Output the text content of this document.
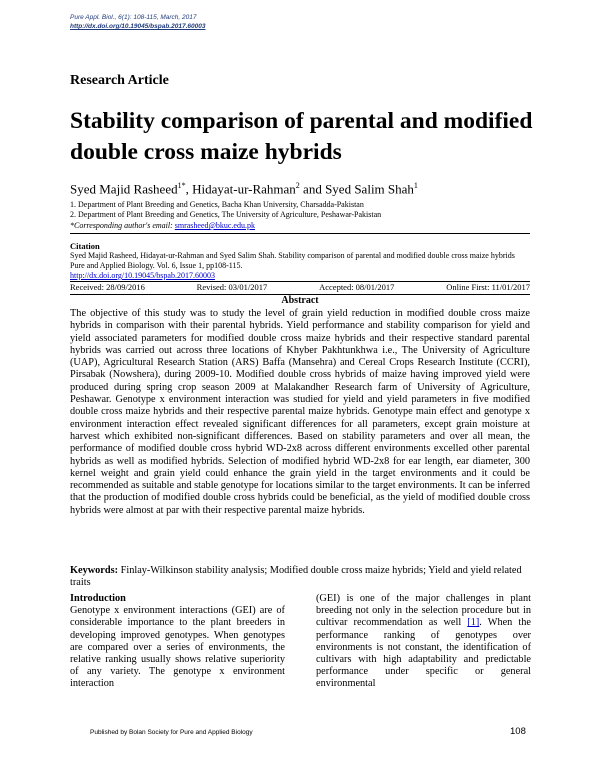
Pure Appl. Biol., 6(1): 108-115, March, 2017
http://dx.doi.org/10.19045/bspab.2017.60003
Research Article
Stability comparison of parental and modified double cross maize hybrids
Syed Majid Rasheed$^{1*}$, Hidayat-ur-Rahman$^2$ and Syed Salim Shah$^1$
1. Department of Plant Breeding and Genetics, Bacha Khan University, Charsadda-Pakistan
2. Department of Plant Breeding and Genetics, The University of Agriculture, Peshawar-Pakistan
*Corresponding author's email: smrasheed@bkuc.edu.pk
Citation
Syed Majid Rasheed, Hidayat-ur-Rahman and Syed Salim Shah. Stability comparison of parental and modified double cross maize hybrids Pure and Applied Biology. Vol. 6, Issue 1, pp108-115.
http://dx.doi.org/10.19045/bspab.2017.60003
Received: 28/09/2016	Revised: 03/01/2017	Accepted: 08/01/2017	Online First: 11/01/2017
Abstract
The objective of this study was to study the level of grain yield reduction in modified double cross maize hybrids in comparison with their parental hybrids. Yield performance and stability comparison for yield and yield associated parameters for modified double cross maize hybrids and their respective standard parental hybrids was carried out across three locations of Khyber Pakhtunkhwa i.e., The University of Agriculture (UAP), Agricultural Research Station (ARS) Baffa (Mansehra) and Cereal Crops Research Institute (CCRI), Pirsabak (Nowshera), during 2009-10. Modified double cross hybrids of maize having improved yield were produced during spring crop season 2009 at Malakandher Research farm of University of Agriculture, Peshawar. Genotype x environment interaction was studied for yield and yield parameters in five modified double cross maize hybrids and their respective parental maize hybrids. Genotype main effect and genotype x environment interaction effect revealed significant differences for all parameters, except grain moisture at harvest which exhibited non-significant differences. Based on stability parameters and over all mean, the performance of modified double cross hybrid WD-2x8 across different environments excelled other parental hybrids as well as modified hybrids. Selection of modified hybrid WD-2x8 for ear length, ear diameter, 300 kernel weight and grain yield could enhance the grain yield in the target environments and it could be recommended as suitable and stable genotype for locations similar to the target environments. It can be inferred that the production of modified double cross hybrids could be beneficial, as the yield of modified double cross hybrids were almost at par with their respective parental maize hybrids.
Keywords: Finlay-Wilkinson stability analysis; Modified double cross maize hybrids; Yield and yield related traits
Introduction

Genotype x environment interactions (GEI) are of considerable importance to the plant breeders in developing improved genotypes. When genotypes are compared over a series of environments, the relative ranking usually shows relative superiority of any variety. The genotype x environment interaction

(GEI) is one of the major challenges in plant breeding not only in the selection procedure but in cultivar recommendation as well [1]. When the performance ranking of genotypes over environments is not constant, the identification of cultivars with high adaptability and predictable performance under specific or general environmental

Published by Bolan Society for Pure and Applied Biology	108
